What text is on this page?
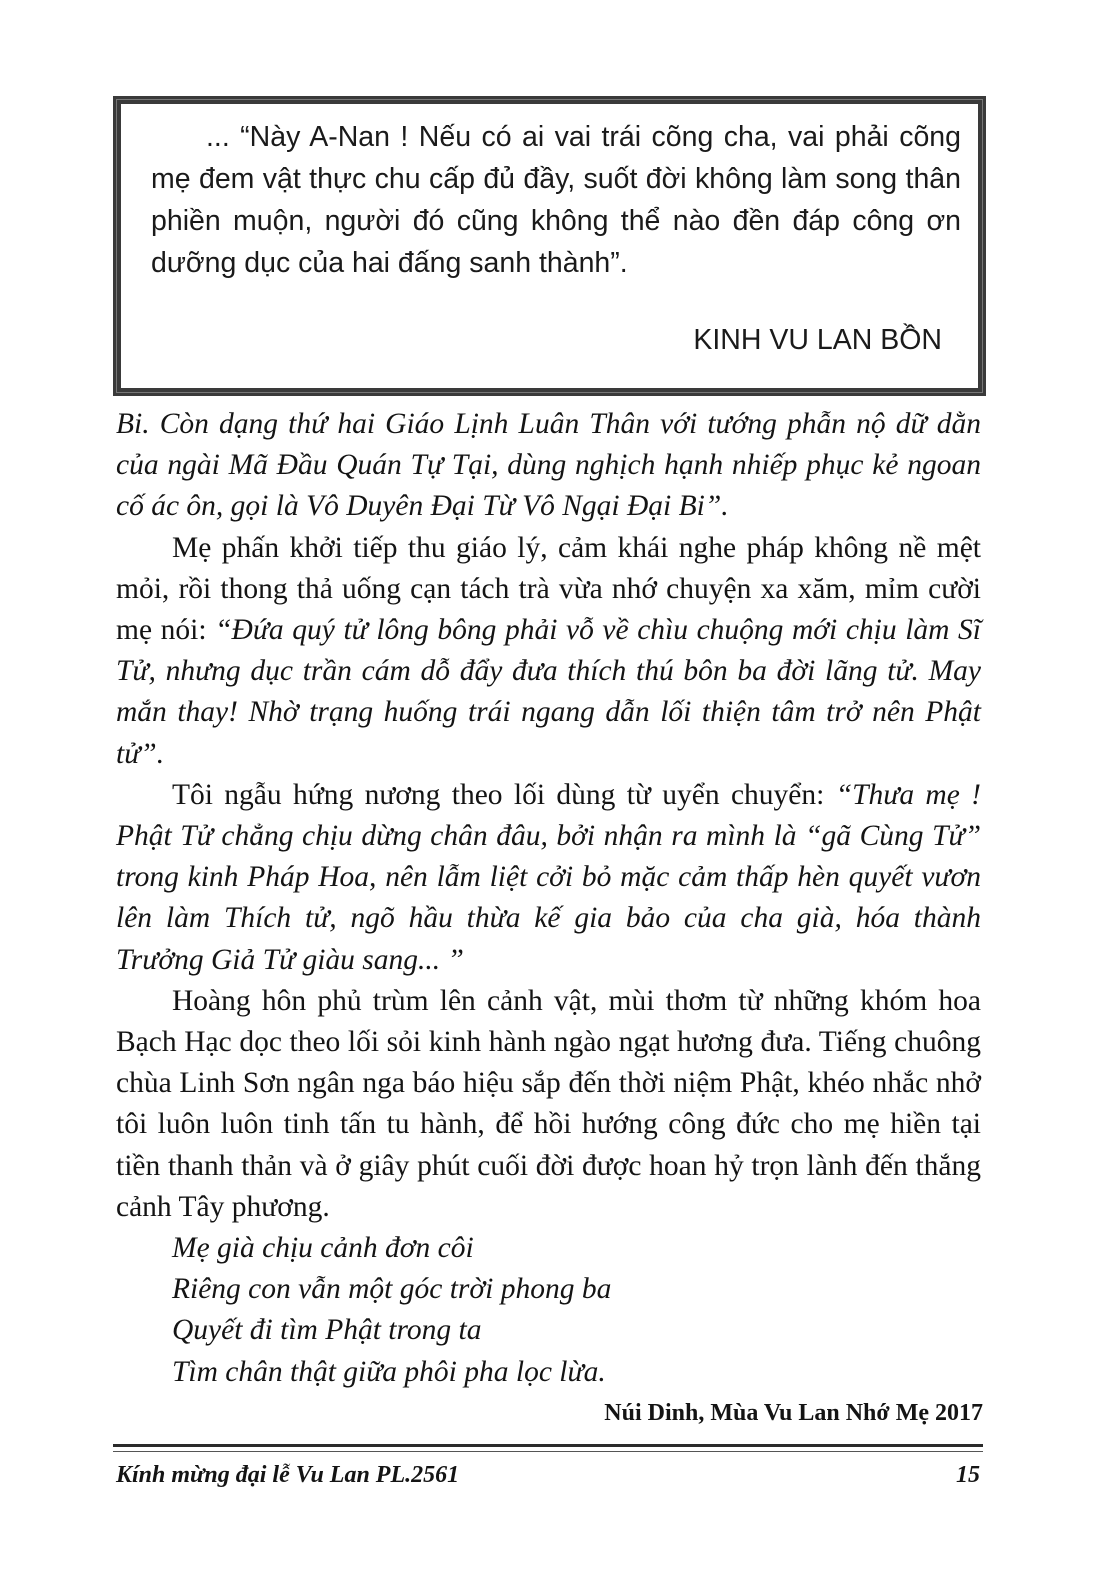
... “Này A-Nan ! Nếu có ai vai trái cõng cha, vai phải cõng mẹ đem vật thực chu cấp đủ đầy, suốt đời không làm song thân phiền muộn, người đó cũng không thể nào đền đáp công ơn dưỡng dục của hai đấng sanh thành”.

KINH VU LAN BỒN

Bi. Còn dạng thứ hai Giáo Lịnh Luân Thân với tướng phẫn nộ dữ dằn của ngài Mã Đầu Quán Tự Tại, dùng nghịch hạnh nhiếp phục kẻ ngoan cố ác ôn, gọi là Vô Duyên Đại Từ Vô Ngại Đại Bi”.

Mẹ phấn khởi tiếp thu giáo lý, cảm khái nghe pháp không nề mệt mỏi, rồi thong thả uống cạn tách trà vừa nhớ chuyện xa xăm, mỉm cười mẹ nói: “Đứa quý tử lông bông phải vỗ về chìu chuộng mới chịu làm Sĩ Tử, nhưng dục trần cám dỗ đẩy đưa thích thú bôn ba đời lãng tử. May mắn thay! Nhờ trạng huống trái ngang dẫn lối thiện tâm trở nên Phật tử”.

Tôi ngẫu hứng nương theo lối dùng từ uyển chuyển: “Thưa mẹ ! Phật Tử chẳng chịu dừng chân đâu, bởi nhận ra mình là “gã Cùng Tử” trong kinh Pháp Hoa, nên lẫm liệt cởi bỏ mặc cảm thấp hèn quyết vươn lên làm Thích tử, ngõ hầu thừa kế gia bảo của cha già, hóa thành Trưởng Giả Tử giàu sang... ”

Hoàng hôn phủ trùm lên cảnh vật, mùi thơm từ những khóm hoa Bạch Hạc dọc theo lối sỏi kinh hành ngào ngạt hương đưa. Tiếng chuông chùa Linh Sơn ngân nga báo hiệu sắp đến thời niệm Phật, khéo nhắc nhở tôi luôn luôn tinh tấn tu hành, để hồi hướng công đức cho mẹ hiền tại tiền thanh thản và ở giây phút cuối đời được hoan hỷ trọn lành đến thắng cảnh Tây phương.

Mẹ già chịu cảnh đơn côi

Riêng con vẫn một góc trời phong ba

Quyết đi tìm Phật trong ta

Tìm chân thật giữa phôi pha lọc lừa.

Núi Dinh, Mùa Vu Lan Nhớ Mẹ 2017
Kính mừng đại lễ Vu Lan PL.2561	15
